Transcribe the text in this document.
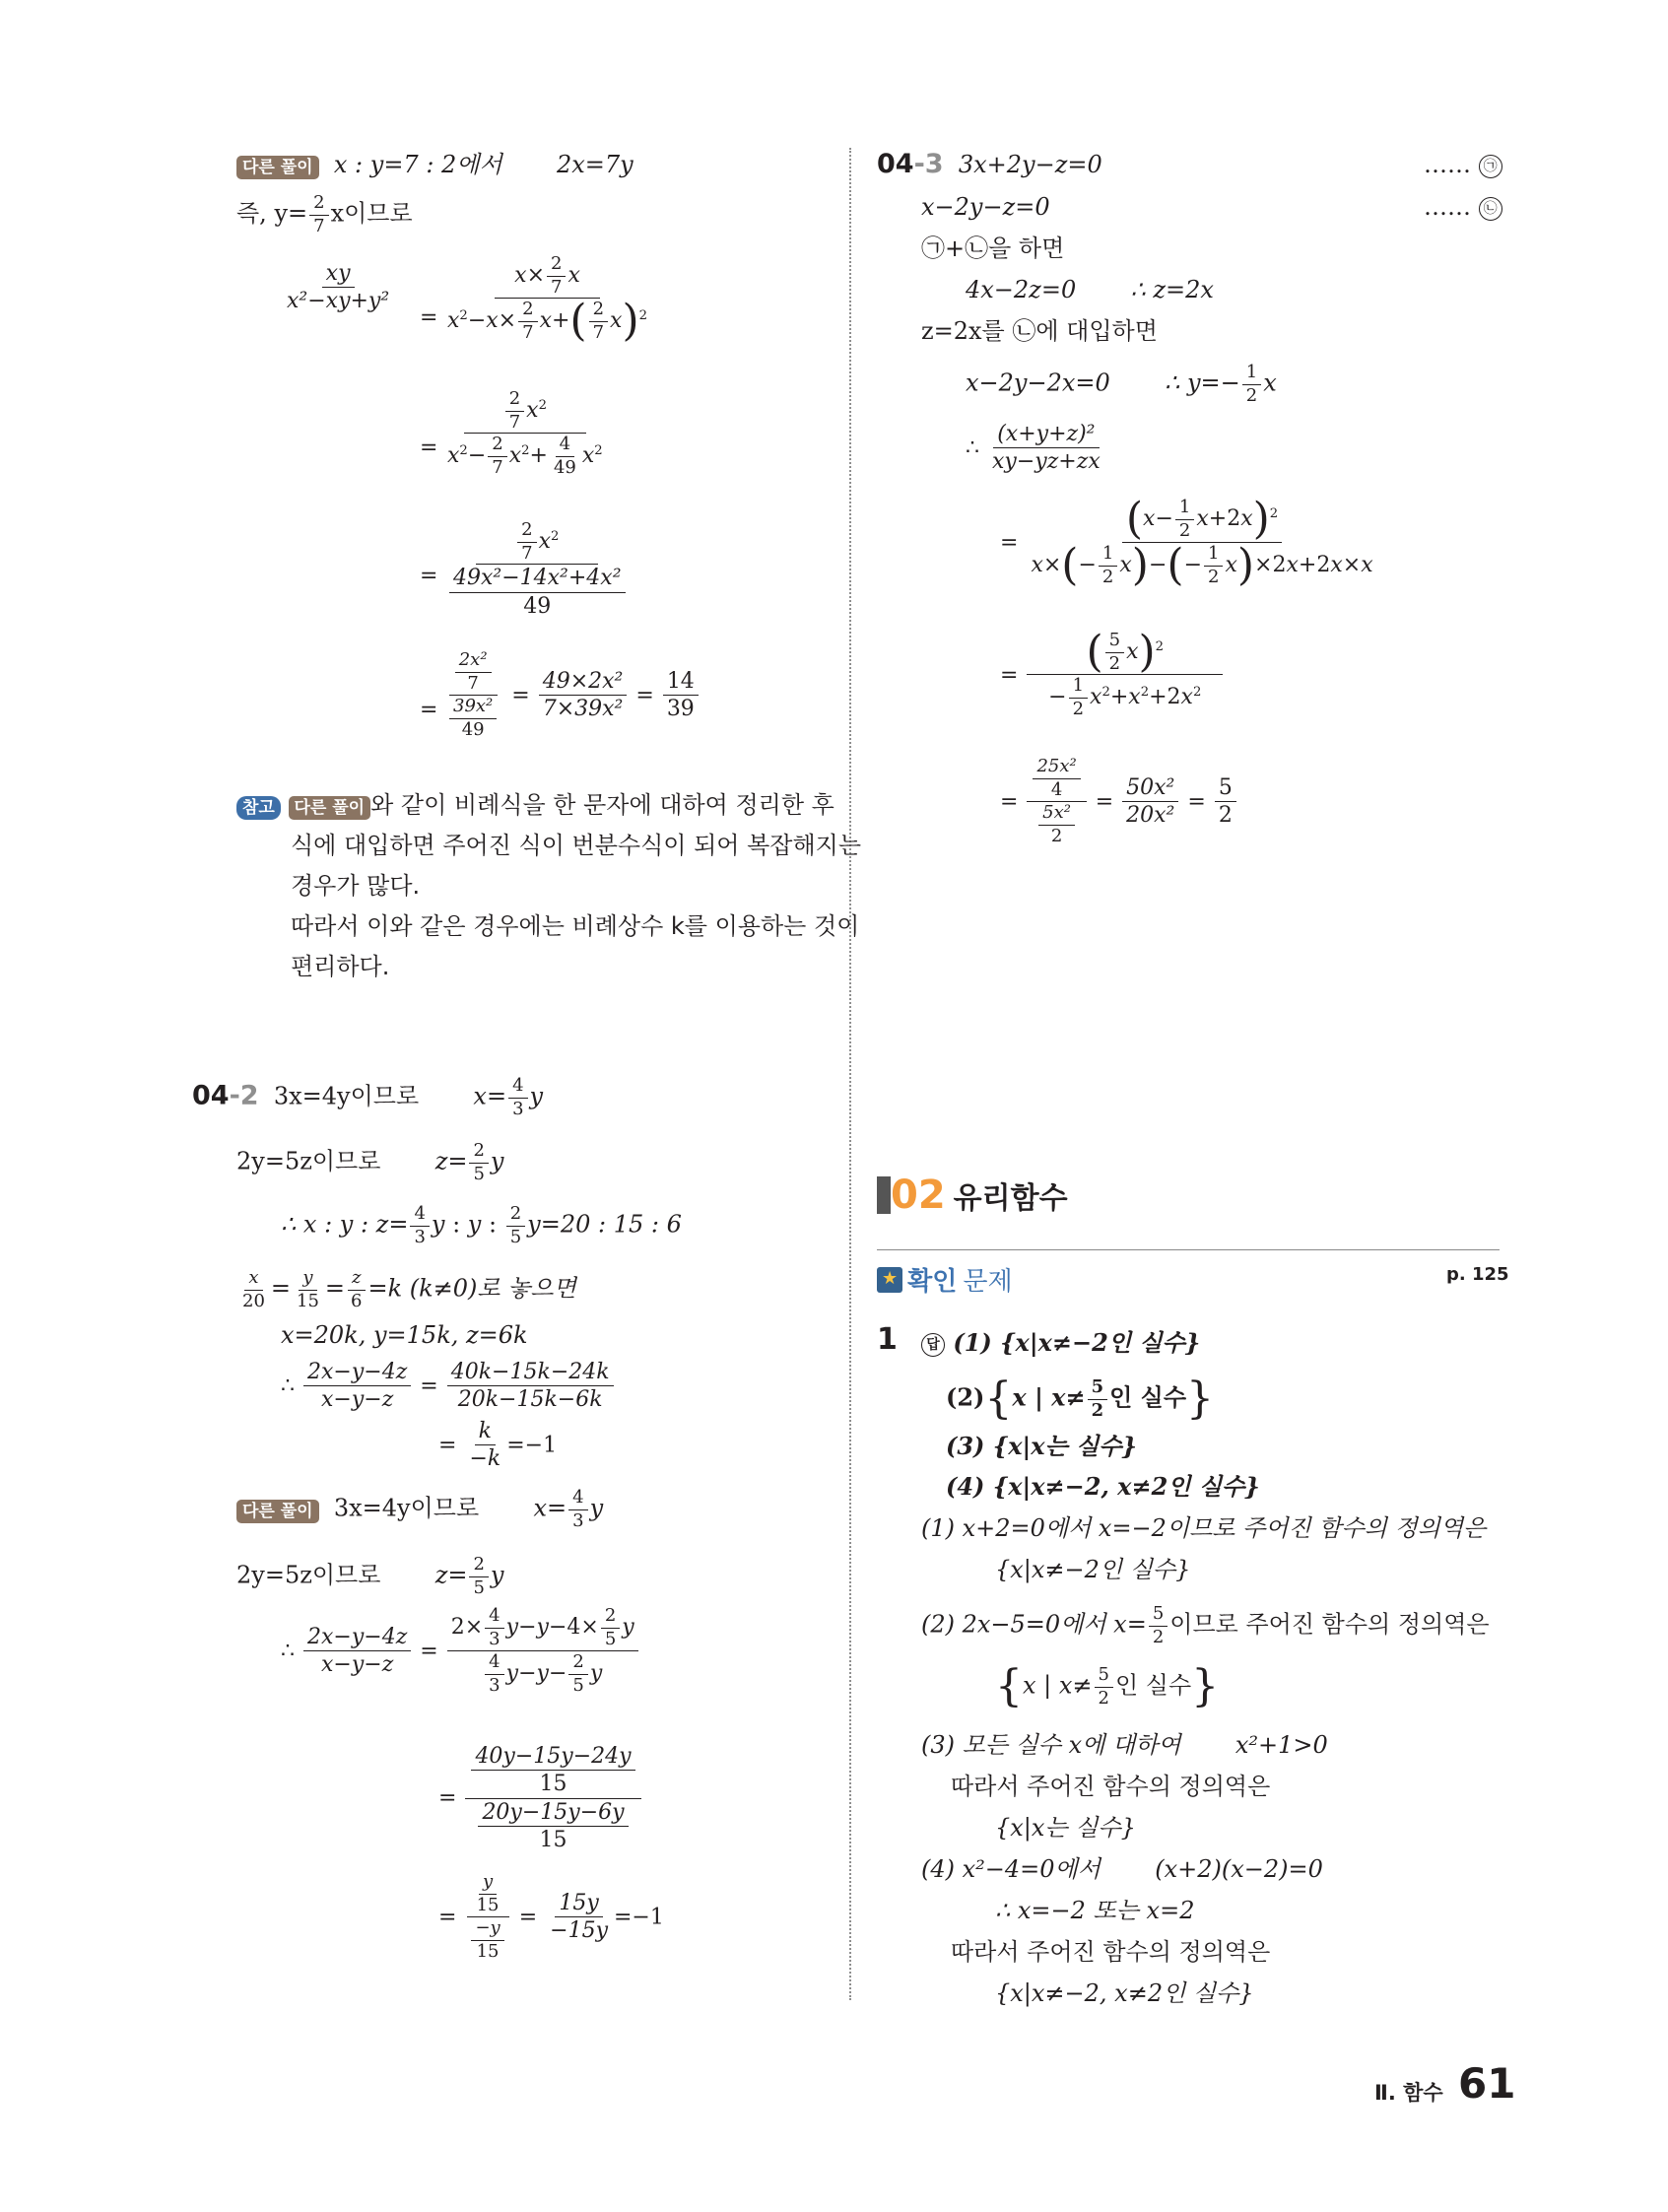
다른 풀이 x : y=7 : 2에서 2x=7y
즉, $y= \frac{2}{7}$ x이므로
$\frac{xy}{\text{x²−xy+y²}}$
= $\frac{x\times \frac{2}{7} x}{x^2-x\times \frac{2}{7} x+( \frac{2}{7} x)^2}$
= $\frac{\frac{2}{7} x^2}{x^2- \frac{2}{7} x^2+ \frac{4}{49} x^2}$
= $\frac{\frac{2}{7} x^2}{\frac{\text{49x²−14x²+4x²}}{49}}$
= $\frac{\frac{\text{2x²}}{7}}{\frac{\text{39x²}}{49}} = \frac{\text{49×2x²}}{\text{7×39x²}} = \frac{14}{39}$
참고 다른 풀이 와 같이 비례식을 한 문자에 대하여 정리한 후
식에 대입하면 주어진 식이 번분수식이 되어 복잡해지는
경우가 많다.
따라서 이와 같은 경우에는 비례상수 k를 이용하는 것이
편리하다.
04-2 3x=4y이므로 $x= \frac{4}{3}$ y
2y=5z이므로 $z= \frac{2}{5}$ y
∴ x : y : $z= \frac{4}{3}$ y : y : $\frac{2}{5} y=20$ : 15 : 6
$\frac{x}{20} = \frac{y}{15} = \frac{z}{6} =k$ (k≠0)로 놓으면
x=20k, y=15k, z=6k
∴ $\frac{2x-y-4z}{x-y-z} = \frac{40k-15k-24k}{20k-15k-6k}$
= $\frac{k}{-k} =-1$
다른 풀이 3x=4y이므로 $x= \frac{4}{3}$ y
2y=5z이므로 $z= \frac{2}{5}$ y
∴ $\frac{2x-y-4z}{x-y-z} = \frac{2\times \frac{4}{3} y-y-4\times \frac{2}{5} y}{\frac{4}{3} y-y- \frac{2}{5} y}$
= $\frac{\frac{40y-15y-24y}{15}}{\frac{20y-15y-6y}{15}}$
= $\frac{\frac{y}{15}}{\frac{-y}{15}} = \frac{15y}{-15y} =-1$
04-3 3x+2y−z=0	…… ㉠
x−2y−z=0	…… ㉡
㉠+㉡을 하면
4x−2z=0 ∴ z=2x
z=2x를 ㉡에 대입하면
x−2y−2x=0 ∴ $y=- \frac{1}{2}$ x
∴ $\frac{\text{(x+y+z)²}}{xy-yz+zx}$
= $\frac{(x- \frac{1}{2} x+2x)^2}{x\times(- \frac{1}{2} x)-(- \frac{1}{2} x)\times 2x+2x\times x}$
= $\frac{( \frac{5}{2} x)^2}{- \frac{1}{2} x^2+x^2+2x^2}$
= $\frac{\frac{\text{25x²}}{4}}{\frac{\text{5x²}}{2}} = \frac{\text{50x²}}{\text{20x²}} = \frac{5}{2}$
02 유리함수
★ 확인 문제	p. 125
1	답 (1) {x|x≠−2인 실수}
(2){x | $x\ne \frac{5}{2}$ 인 실수}
(3) {x|x는 실수}
(4) {x|x≠−2, x≠2인 실수}
(1) x+2=0에서 x=−2이므로 주어진 함수의 정의역은
{x|x≠−2인 실수}
(2) 2x−5=0에서 $x= \frac{5}{2}$ 이므로 주어진 함수의 정의역은
{x | $x\ne \frac{5}{2}$ 인 실수}
(3) 모든 실수 x에 대하여 x²+1>0
따라서 주어진 함수의 정의역은
{x|x는 실수}
(4) x²−4=0에서 (x+2)(x−2)=0
∴ x=−2 또는 x=2
따라서 주어진 함수의 정의역은
{x|x≠−2, x≠2인 실수}
Ⅱ. 함수 61
